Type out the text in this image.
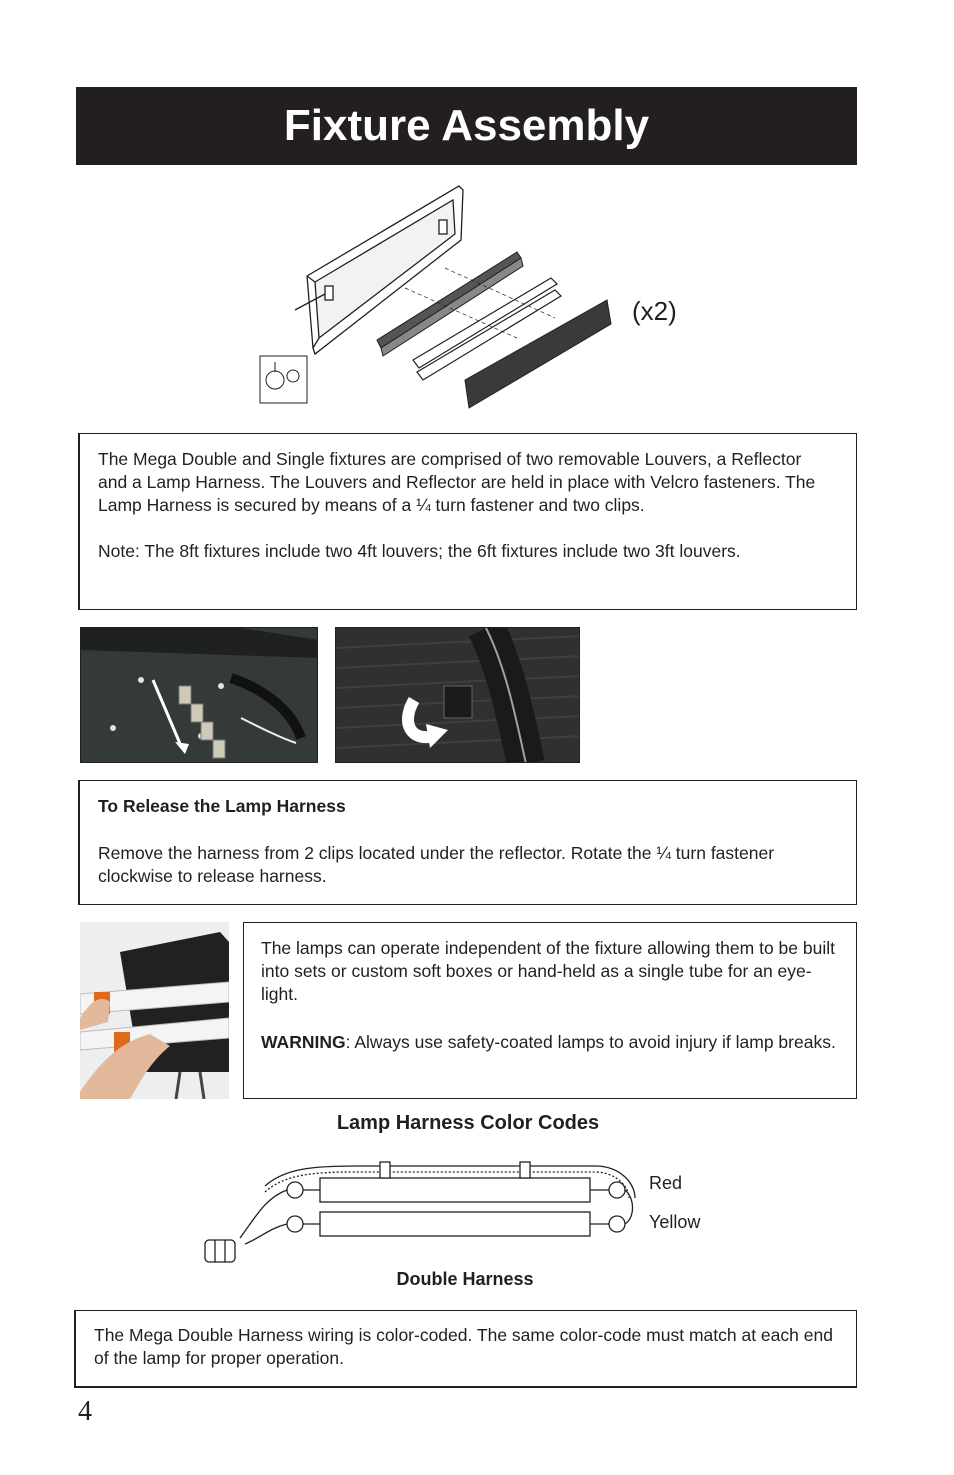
Fixture Assembly
(x2)

The Mega Double and Single fixtures are comprised of two removable Louvers, a Reflector and a Lamp Harness. The Louvers and Reflector are held in place with Velcro fasteners. The Lamp Harness is secured by means of a ¼ turn fastener and two clips.

Note: The 8ft fixtures include two 4ft louvers; the 6ft fixtures include two 3ft louvers.

To Release the Lamp Harness

Remove the harness from 2 clips located under the reflector. Rotate the ¼ turn fastener clockwise to release harness.

The lamps can operate independent of the fixture allowing them to be built into sets or custom soft boxes or hand-held as a single tube for an eye-light.

WARNING: Always use safety-coated lamps to avoid injury if lamp breaks.

Lamp Harness Color Codes
Red
Yellow
Double Harness

The Mega Double Harness wiring is color-coded. The same color-code must match at each end of the lamp for proper operation.

4
